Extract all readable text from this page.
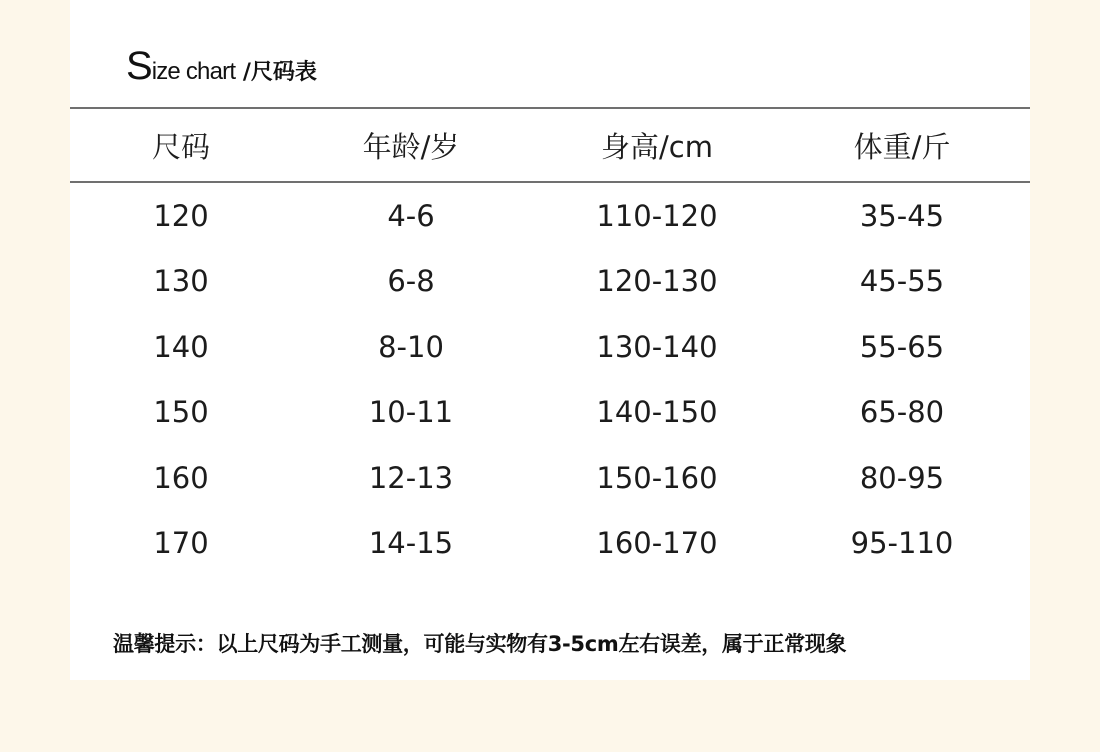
Size chart /尺码表
尺码	年龄/岁	身高/cm	体重/斤
120	4-6	110-120	35-45
130	6-8	120-130	45-55
140	8-10	130-140	55-65
150	10-11	140-150	65-80
160	12-13	150-160	80-95
170	14-15	160-170	95-110
温馨提示：以上尺码为手工测量，可能与实物有3-5cm左右误差，属于正常现象
